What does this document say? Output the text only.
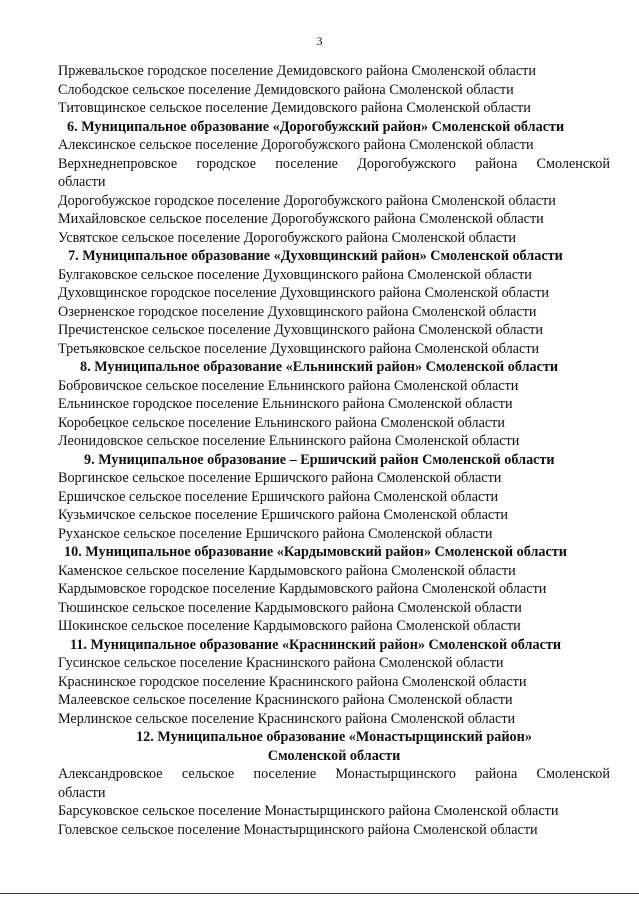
3
Пржевальское городское поселение Демидовского района Смоленской области
Слободское сельское поселение Демидовского района Смоленской области
Титовщинское сельское поселение Демидовского района Смоленской области
6. Муниципальное образование «Дорогобужский район» Смоленской области
Алексинское сельское поселение Дорогобужского района Смоленской области
Верхнеднепровское городское поселение Дорогобужского района Смоленской
области
Дорогобужское городское поселение Дорогобужского района Смоленской области
Михайловское сельское поселение Дорогобужского района Смоленской области
Усвятское сельское поселение Дорогобужского района Смоленской области
7. Муниципальное образование «Духовщинский район» Смоленской области
Булгаковское сельское поселение Духовщинского района Смоленской области
Духовщинское городское поселение Духовщинского района Смоленской области
Озерненское городское поселение Духовщинского района Смоленской области
Пречистенское сельское поселение Духовщинского района Смоленской области
Третьяковское сельское поселение Духовщинского района Смоленской области
8. Муниципальное образование «Ельнинский район» Смоленской области
Бобровичское сельское поселение Ельнинского района Смоленской области
Ельнинское городское поселение Ельнинского района Смоленской области
Коробецкое сельское поселение Ельнинского района Смоленской области
Леонидовское сельское поселение Ельнинского района Смоленской области
9. Муниципальное образование – Ершичский район Смоленской области
Воргинское сельское поселение Ершичского района Смоленской области
Ершичское сельское поселение Ершичского района Смоленской области
Кузьмичское сельское поселение Ершичского района Смоленской области
Руханское сельское поселение Ершичского района Смоленской области
10. Муниципальное образование «Кардымовский район» Смоленской области
Каменское сельское поселение Кардымовского района Смоленской области
Кардымовское городское поселение Кардымовского района Смоленской области
Тюшинское сельское поселение Кардымовского района Смоленской области
Шокинское сельское поселение Кардымовского района Смоленской области
11. Муниципальное образование «Краснинский район» Смоленской области
Гусинское сельское поселение Краснинского района Смоленской области
Краснинское городское поселение Краснинского района Смоленской области
Малеевское сельское поселение Краснинского района Смоленской области
Мерлинское сельское поселение Краснинского района Смоленской области
12. Муниципальное образование «Монастырщинский район»
Смоленской области
Александровское сельское поселение Монастырщинского района Смоленской
области
Барсуковское сельское поселение Монастырщинского района Смоленской области
Голевское сельское поселение Монастырщинского района Смоленской области
